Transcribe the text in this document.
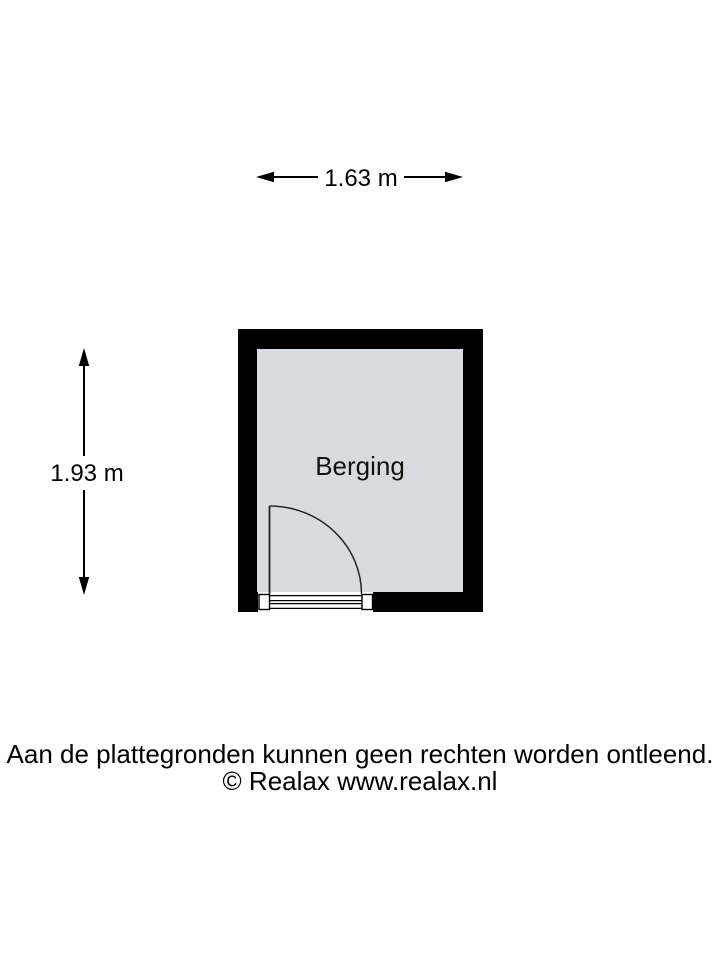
1.63 m
1.93 m	Berging
Aan de plattegronden kunnen geen rechten worden ontleend.
© Realax www.realax.nl
